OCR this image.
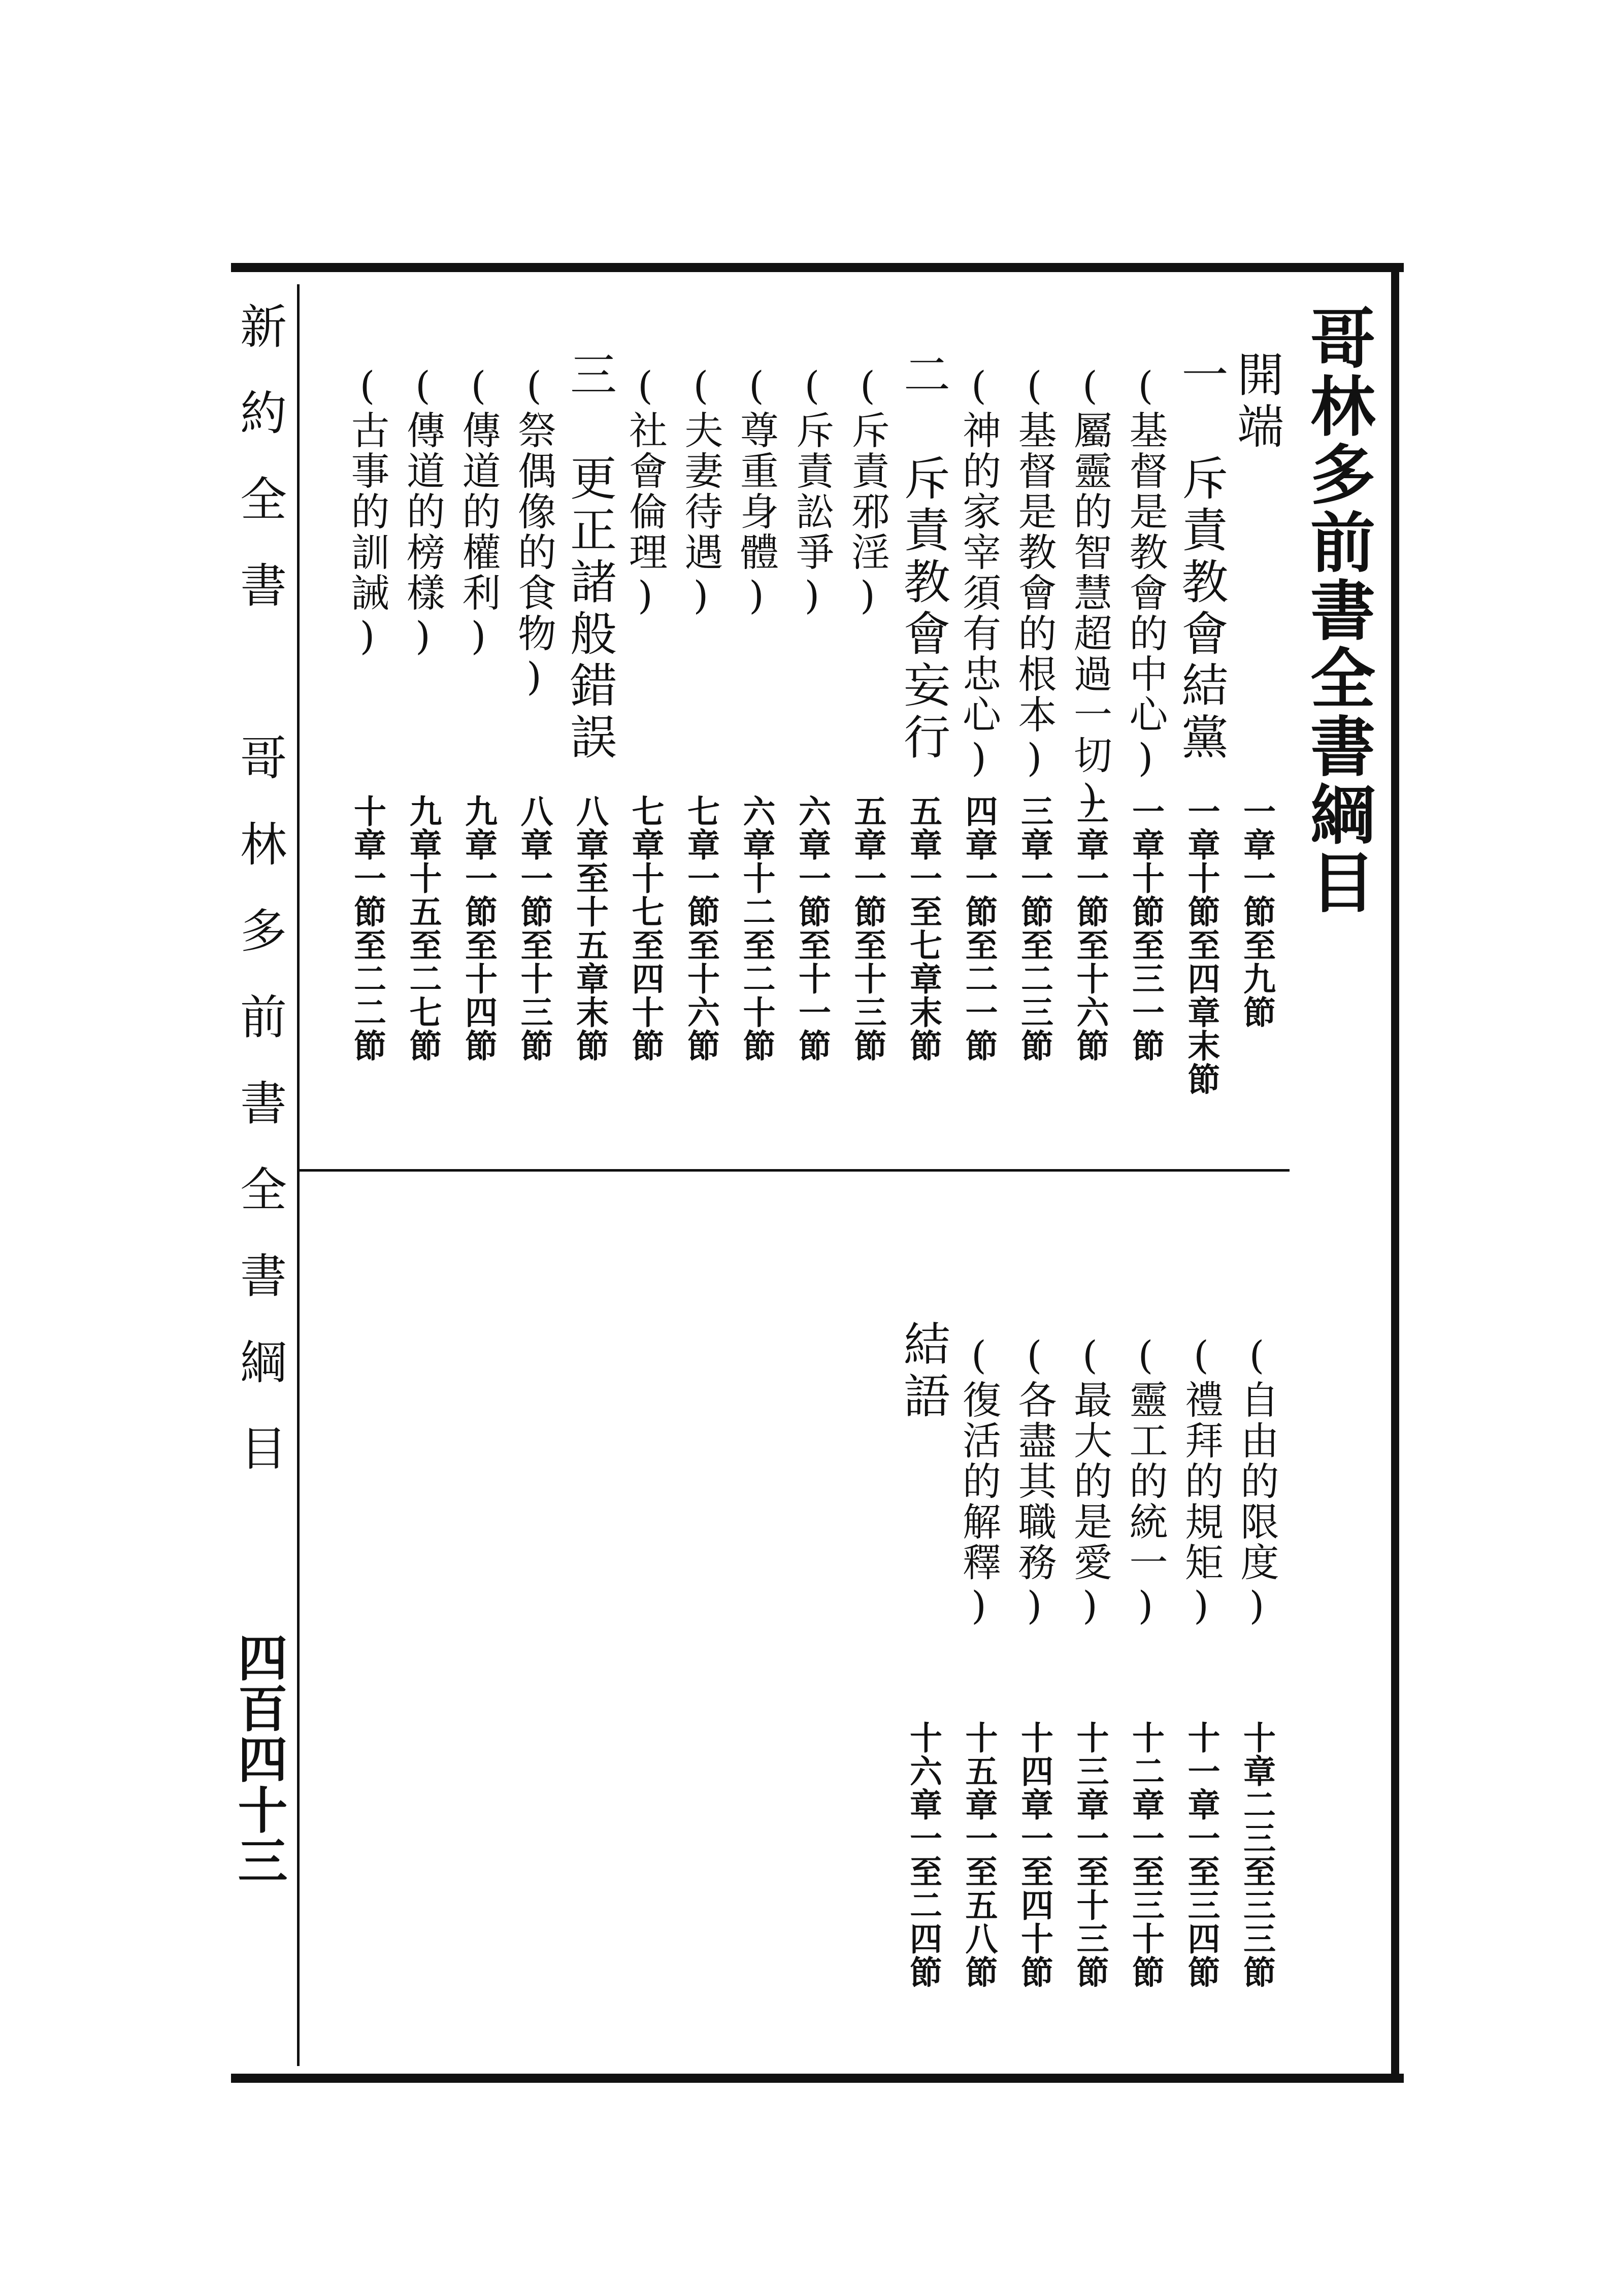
哥林多前書全書綱目
新約全書　哥林多前書全書綱目
四百四十三
開端
一章一節至九節
一　斥責教會結黨
一章十節至四章末節
(基督是教會的中心)
一章十節至三一節
(屬靈的智慧超過一切)
二章一節至十六節
(基督是教會的根本)
三章一節至二三節
(神的家宰須有忠心)
四章一節至二一節
二　斥責教會妄行
五章一至七章末節
(斥責邪淫)
五章一節至十三節
(斥責訟爭)
六章一節至十一節
(尊重身體)
六章十二至二十節
(夫妻待遇)
七章一節至十六節
(社會倫理)
七章十七至四十節
三　更正諸般錯誤
八章至十五章末節
(祭偶像的食物)
八章一節至十三節
(傳道的權利)
九章一節至十四節
(傳道的榜樣)
九章十五至二七節
(古事的訓誡)
十章一節至二二節
(自由的限度)
十章二三至三三節
(禮拜的規矩)
十一章一至三四節
(靈工的統一)
十二章一至三十節
(最大的是愛)
十三章一至十三節
(各盡其職務)
十四章一至四十節
(復活的解釋)
十五章一至五八節
結語
十六章一至二四節
